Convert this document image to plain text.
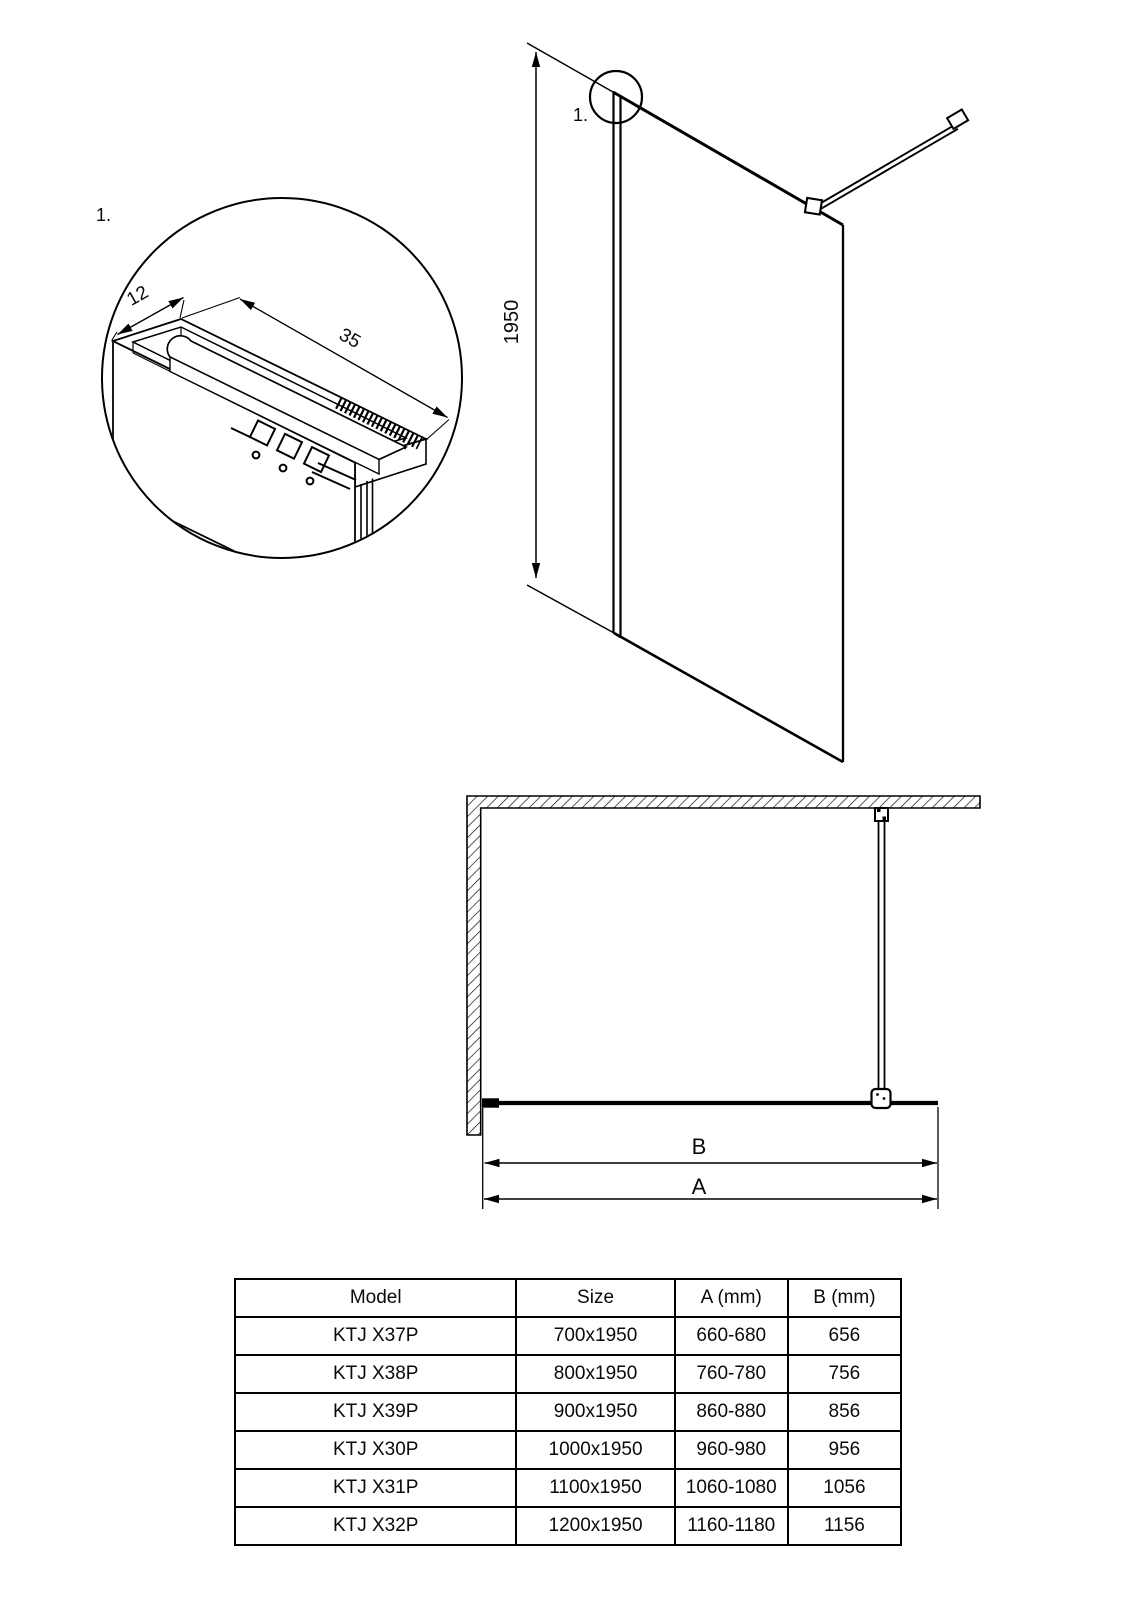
1950
1.
1.
12
35
B
A
Model	Size	A (mm)	B (mm)
KTJ X37P	700x1950	660-680	656
KTJ X38P	800x1950	760-780	756
KTJ X39P	900x1950	860-880	856
KTJ X30P	1000x1950	960-980	956
KTJ X31P	1100x1950	1060-1080	1056
KTJ X32P	1200x1950	1160-1180	1156
